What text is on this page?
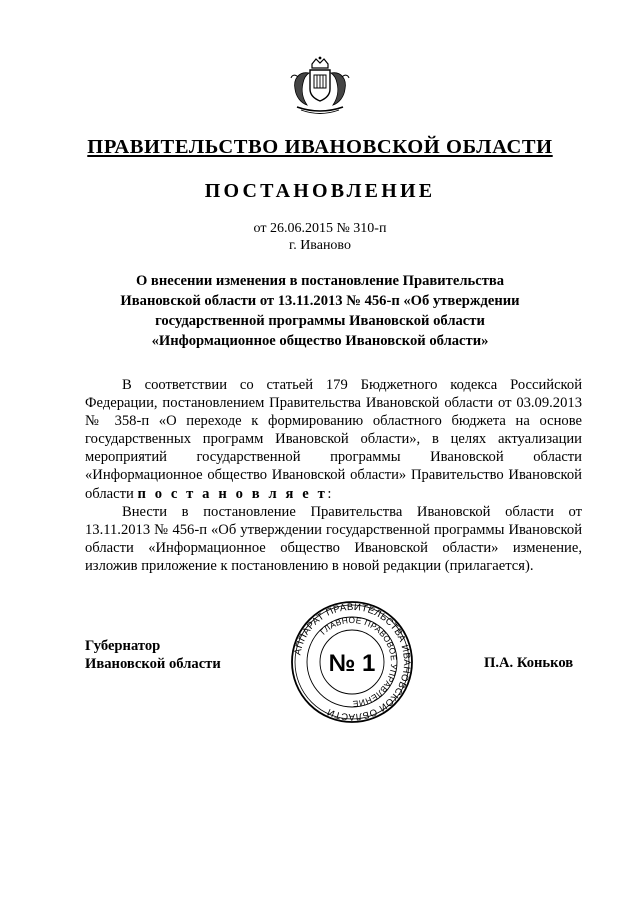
ПРАВИТЕЛЬСТВО ИВАНОВСКОЙ ОБЛАСТИ
ПОСТАНОВЛЕНИЕ
от 26.06.2015 № 310-п
г. Иваново
О внесении изменения в постановление Правительства
Ивановской области от 13.11.2013 № 456-п «Об утверждении
государственной программы Ивановской области
«Информационное общество Ивановской области»

В соответствии со статьей 179 Бюджетного кодекса Российской Федерации, постановлением Правительства Ивановской области от 03.09.2013 № 358-п «О переходе к формированию областного бюджета на основе государственных программ Ивановской области», в целях актуализации мероприятий государственной программы Ивановской области «Информационное общество Ивановской области» Правительство Ивановской области п о с т а н о в л я е т:

Внести в постановление Правительства Ивановской области от 13.11.2013 № 456-п «Об утверждении государственной программы Ивановской области «Информационное общество Ивановской области» изменение, изложив приложение к постановлению в новой редакции (прилагается).

Губернатор
Ивановской области
АППАРАТ ПРАВИТЕЛЬСТВА ИВАНОВСКОЙ ОБЛАСТИ
ГЛАВНОЕ ПРАВОВОЕ УПРАВЛЕНИЕ
№ 1	П.А. Коньков
